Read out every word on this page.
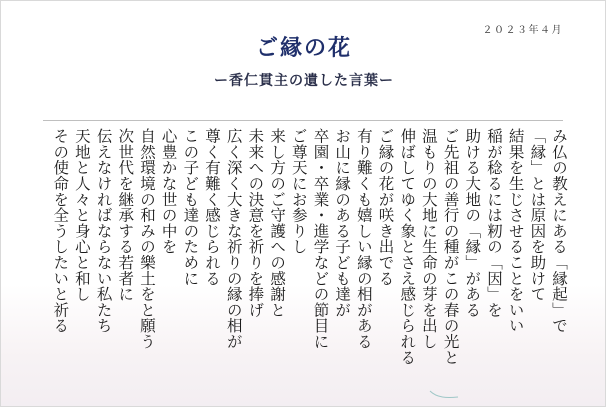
２０２３年４月
ご縁の花
ー香仁貫主の遺した言葉ー
み仏の教えにある「縁起」で
「縁」とは原因を助けて
結果を生じさせることをいい
稲が稔るには籾の「因」を
助ける大地の「縁」がある
ご先祖の善行の種がこの春の光と
温もりの大地に生命の芽を出し
伸ばしてゆく象とさえ感じられる
ご縁の花が咲き出でる
有り難くも嬉しい縁の相がある
お山に縁のある子ども達が
卒園・卒業・進学などの節目に
ご尊天にお参りし
来し方のご守護への感謝と
未来への決意を祈りを捧げ
広く深く大きな祈りの縁の相が
尊く有難く感じられる
この子ども達のために
心豊かな世の中を
自然環境の和みの樂土をと願う
次世代を継承する若者に
伝えなければならない私たち
天地と人々と身心と和し
その使命を全うしたいと祈る
